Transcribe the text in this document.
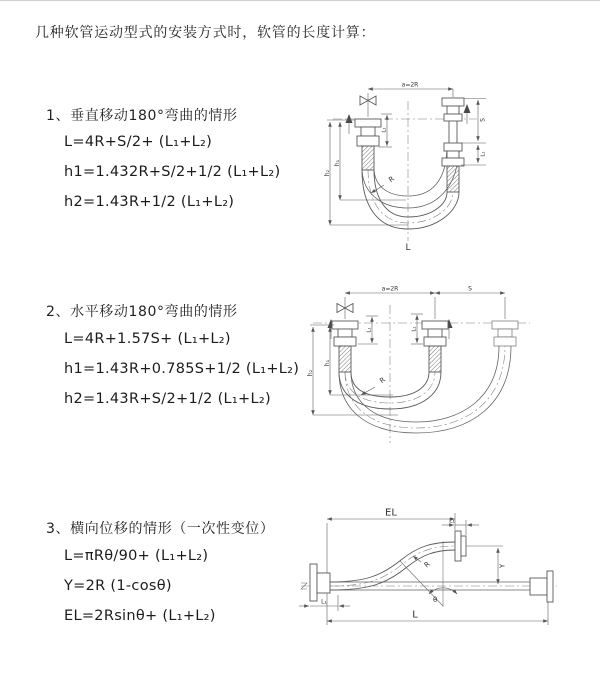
几种软管运动型式的安装方式时，软管的长度计算：
1、垂直移动180°弯曲的情形
L=4R+S/2+ (L₁+L₂)
h1=1.432R+S/2+1/2 (L₁+L₂)
h2=1.43R+1/2 (L₁+L₂)
2、水平移动180°弯曲的情形
L=4R+1.57S+ (L₁+L₂)
h1=1.43R+0.785S+1/2 (L₁+L₂)
h2=1.43R+S/2+1/2 (L₁+L₂)
3、横向位移的情形（一次性变位）
L=πRθ/90+ (L₁+L₂)
Y=2R (1-cosθ)
EL=2Rsinθ+ (L₁+L₂)
a=2R
S
L₁
L₁
h₂
h₁
R
L
a=2R	S
L₁	L₁
h₂
h₁
R
EL
L₁
θ
R	Y
L₁
L
